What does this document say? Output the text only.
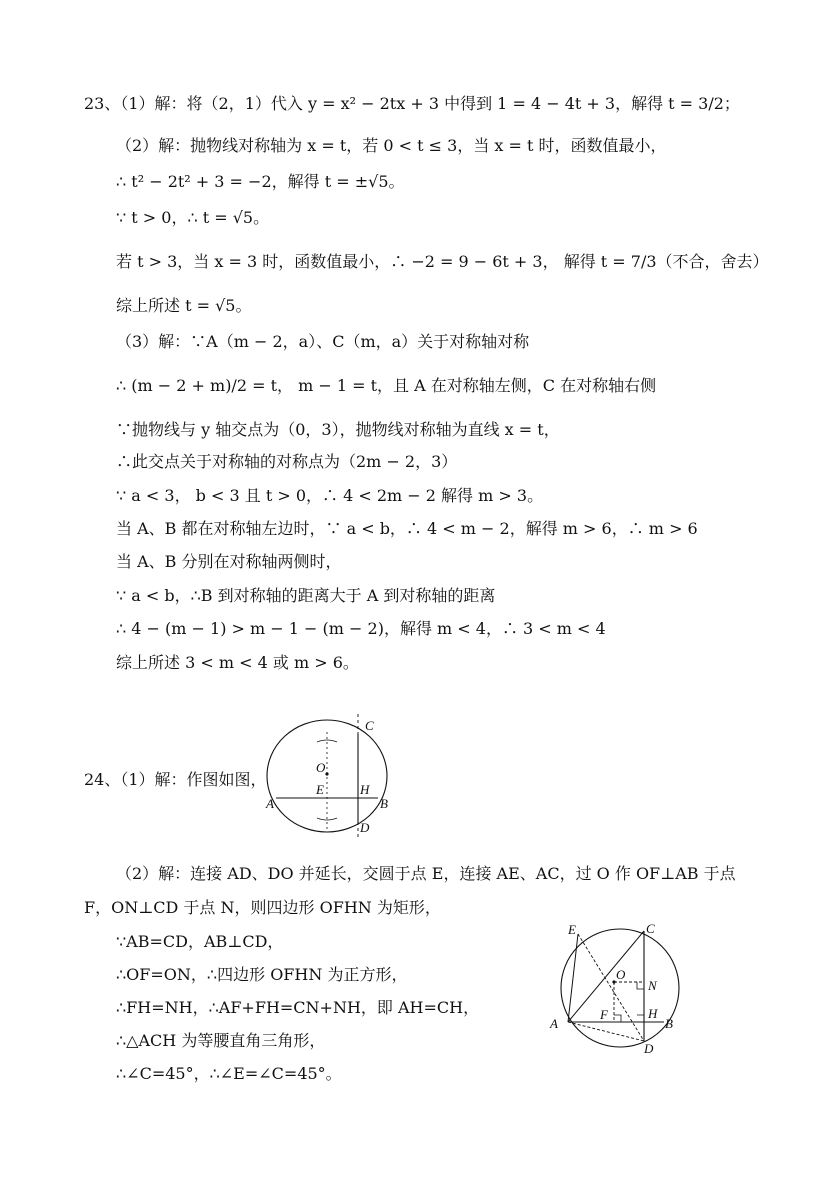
23、（1）解：将（2，1）代入 y = x² − 2tx + 3 中得到 1 = 4 − 4t + 3，解得 t = 3/2；
（2）解：抛物线对称轴为 x = t，若 0 < t ≤ 3，当 x = t 时，函数值最小，
∴ t² − 2t² + 3 = −2，解得 t = ±√5。
∵ t > 0，∴ t = √5。
若 t > 3，当 x = 3 时，函数值最小，∴ −2 = 9 − 6t + 3， 解得 t = 7/3（不合，舍去）
综上所述 t = √5。
（3）解：∵A（m − 2，a）、C（m，a）关于对称轴对称
∴ (m − 2 + m)/2 = t， m − 1 = t，且 A 在对称轴左侧，C 在对称轴右侧
∵抛物线与 y 轴交点为（0，3），抛物线对称轴为直线 x = t，
∴此交点关于对称轴的对称点为（2m − 2，3）
∵ a < 3， b < 3 且 t > 0，∴ 4 < 2m − 2 解得 m > 3。
当 A、B 都在对称轴左边时，∵ a < b，∴ 4 < m − 2，解得 m > 6，∴ m > 6
当 A、B 分别在对称轴两侧时，
∵ a < b，∴B 到对称轴的距离大于 A 到对称轴的距离
∴ 4 − (m − 1) > m − 1 − (m − 2)，解得 m < 4，∴ 3 < m < 4
综上所述 3 < m < 4 或 m > 6。
24、（1）解：作图如图，
O
C
E	H
A	B
D
（2）解：连接 AD、DO 并延长，交圆于点 E，连接 AE、AC，过 O 作 OF⊥AB 于点
F，ON⊥CD 于点 N，则四边形 OFHN 为矩形，
∵AB=CD，AB⊥CD，
∴OF=ON，∴四边形 OFHN 为正方形，
∴FH=NH，∴AF+FH=CN+NH，即 AH=CH，
∴△ACH 为等腰直角三角形，
∴∠C=45°，∴∠E=∠C=45°。
E	C
O
N
F	H
A	B
D
